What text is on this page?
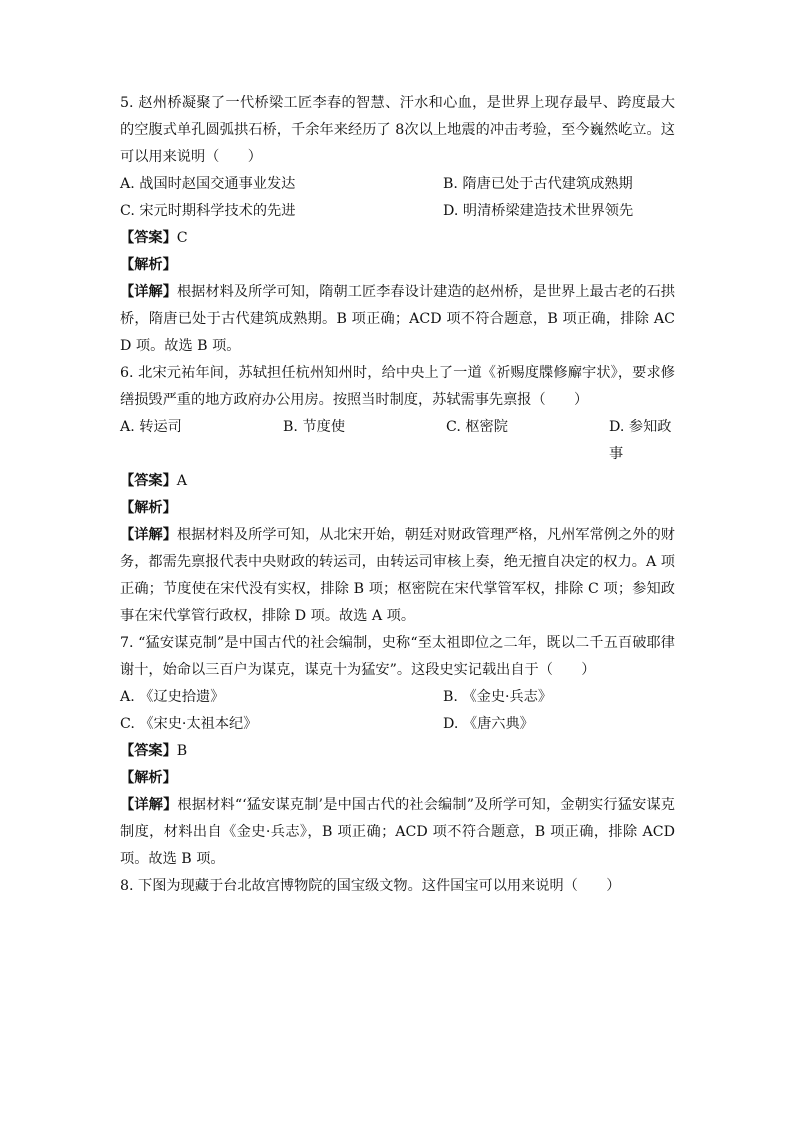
5. 赵州桥凝聚了一代桥梁工匠李春的智慧、汗水和心血，是世界上现存最早、跨度最大的空腹式单孔圆弧拱石桥，千余年来经历了 8次以上地震的冲击考验，至今巍然屹立。这可以用来说明（　　）

A. 战国时赵国交通事业发达	B. 隋唐已处于古代建筑成熟期

C. 宋元时期科学技术的先进	D. 明清桥梁建造技术世界领先

【答案】C

【解析】

【详解】根据材料及所学可知，隋朝工匠李春设计建造的赵州桥，是世界上最古老的石拱桥，隋唐已处于古代建筑成熟期。B 项正确；ACD 项不符合题意，B 项正确，排除 ACD 项。故选 B 项。

6. 北宋元祐年间，苏轼担任杭州知州时，给中央上了一道《祈赐度牒修廨宇状》，要求修缮损毁严重的地方政府办公用房。按照当时制度，苏轼需事先禀报（　　）

A. 转运司	B. 节度使	C. 枢密院	D. 参知政事

【答案】A

【解析】

【详解】根据材料及所学可知，从北宋开始，朝廷对财政管理严格，凡州军常例之外的财务，都需先禀报代表中央财政的转运司，由转运司审核上奏，绝无擅自决定的权力。A 项正确；节度使在宋代没有实权，排除 B 项；枢密院在宋代掌管军权，排除 C 项；参知政事在宋代掌管行政权，排除 D 项。故选 A 项。

7. “猛安谋克制”是中国古代的社会编制，史称“至太祖即位之二年，既以二千五百破耶律谢十，始命以三百户为谋克，谋克十为猛安”。这段史实记载出自于（　　）

A. 《辽史拾遗》	B. 《金史·兵志》

C. 《宋史·太祖本纪》	D. 《唐六典》

【答案】B

【解析】

【详解】根据材料“‘猛安谋克制’是中国古代的社会编制”及所学可知，金朝实行猛安谋克制度，材料出自《金史·兵志》，B 项正确；ACD 项不符合题意，B 项正确，排除 ACD 项。故选 B 项。

8. 下图为现藏于台北故宫博物院的国宝级文物。这件国宝可以用来说明（　　）
